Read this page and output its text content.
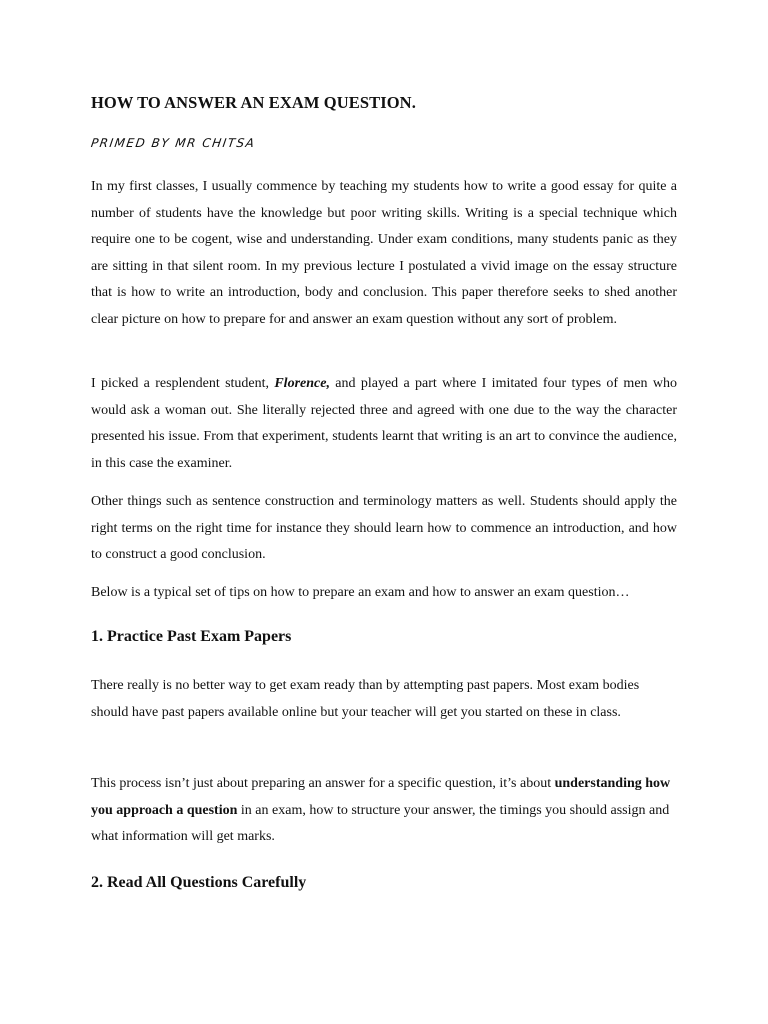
HOW TO ANSWER AN EXAM QUESTION.
PRIMED BY MR CHITSA

In my first classes, I usually commence by teaching my students how to write a good essay for quite a number of students have the knowledge but poor writing skills. Writing is a special technique which require one to be cogent, wise and understanding. Under exam conditions, many students panic as they are sitting in that silent room. In my previous lecture I postulated a vivid image on the essay structure that is how to write an introduction, body and conclusion. This paper therefore seeks to shed another clear picture on how to prepare for and answer an exam question without any sort of problem.

I picked a resplendent student, Florence, and played a part where I imitated four types of men who would ask a woman out. She literally rejected three and agreed with one due to the way the character presented his issue. From that experiment, students learnt that writing is an art to convince the audience, in this case the examiner.

Other things such as sentence construction and terminology matters as well. Students should apply the right terms on the right time for instance they should learn how to commence an introduction, and how to construct a good conclusion.

Below is a typical set of tips on how to prepare an exam and how to answer an exam question…

1. Practice Past Exam Papers

There really is no better way to get exam ready than by attempting past papers. Most exam bodies should have past papers available online but your teacher will get you started on these in class.

This process isn’t just about preparing an answer for a specific question, it’s about understanding how you approach a question in an exam, how to structure your answer, the timings you should assign and what information will get marks.

2. Read All Questions Carefully
